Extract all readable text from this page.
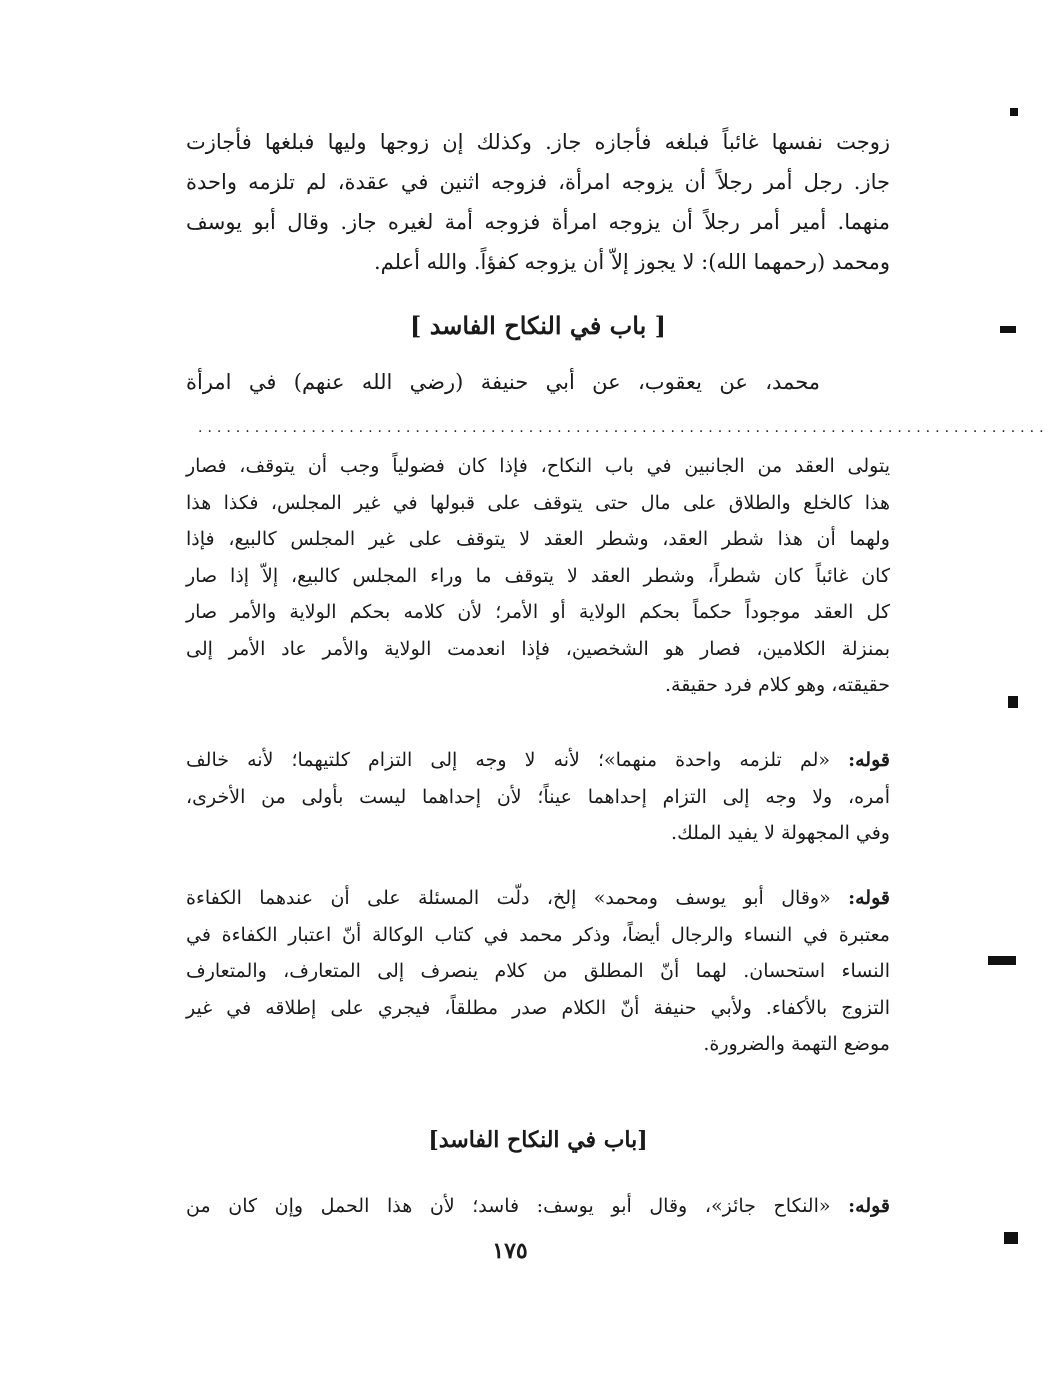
زوجت نفسها غائباً فبلغه فأجازه جاز. وكذلك إن زوجها وليها فبلغها فأجازت
جاز. رجل أمر رجلاً أن يزوجه امرأة، فزوجه اثنين في عقدة، لم تلزمه واحدة
منهما. أمير أمر رجلاً أن يزوجه امرأة فزوجه أمة لغيره جاز. وقال أبو يوسف
ومحمد (رحمهما الله): لا يجوز إلاّ أن يزوجه كفؤاً. والله أعلم.
[ باب في النكاح الفاسد ]
محمد، عن يعقوب، عن أبي حنيفة (رضي الله عنهم) في امرأة
..........................................................................................
يتولى العقد من الجانبين في باب النكاح، فإذا كان فضولياً وجب أن يتوقف، فصار
هذا كالخلع والطلاق على مال حتى يتوقف على قبولها في غير المجلس، فكذا هذا
ولهما أن هذا شطر العقد، وشطر العقد لا يتوقف على غير المجلس كالبيع، فإذا
كان غائباً كان شطراً، وشطر العقد لا يتوقف ما وراء المجلس كالبيع، إلاّ إذا صار
كل العقد موجوداً حكماً بحكم الولاية أو الأمر؛ لأن كلامه بحكم الولاية والأمر صار
بمنزلة الكلامين، فصار هو الشخصين، فإذا انعدمت الولاية والأمر عاد الأمر إلى
حقيقته، وهو كلام فرد حقيقة.
قوله: «لم تلزمه واحدة منهما»؛ لأنه لا وجه إلى التزام كلتيهما؛ لأنه خالف
أمره، ولا وجه إلى التزام إحداهما عيناً؛ لأن إحداهما ليست بأولى من الأخرى،
وفي المجهولة لا يفيد الملك.
قوله: «وقال أبو يوسف ومحمد» إلخ، دلّت المسئلة على أن عندهما الكفاءة
معتبرة في النساء والرجال أيضاً، وذكر محمد في كتاب الوكالة أنّ اعتبار الكفاءة في
النساء استحسان. لهما أنّ المطلق من كلام ينصرف إلى المتعارف، والمتعارف
التزوج بالأكفاء. ولأبي حنيفة أنّ الكلام صدر مطلقاً، فيجري على إطلاقه في غير
موضع التهمة والضرورة.
[باب في النكاح الفاسد]
قوله: «النكاح جائز»، وقال أبو يوسف: فاسد؛ لأن هذا الحمل وإن كان من
١٧٥
